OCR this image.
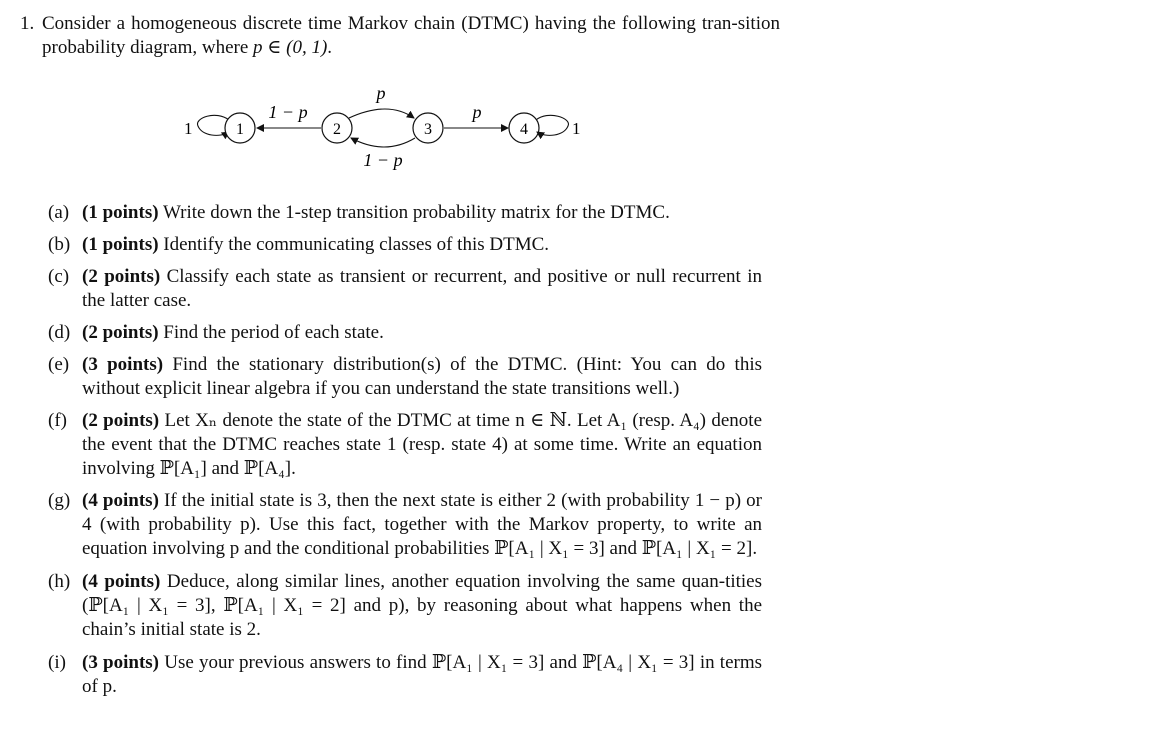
1. Consider a homogeneous discrete time Markov chain (DTMC) having the following tran-sition probability diagram, where p ∈ (0, 1).
1	1
1 − p
2
p
1 − p
3
p
4	1
(a) (1 points) Write down the 1-step transition probability matrix for the DTMC.
(b) (1 points) Identify the communicating classes of this DTMC.
(c) (2 points) Classify each state as transient or recurrent, and positive or null recurrent in the latter case.
(d) (2 points) Find the period of each state.
(e) (3 points) Find the stationary distribution(s) of the DTMC. (Hint: You can do this without explicit linear algebra if you can understand the state transitions well.)
(f) (2 points) Let Xₙ denote the state of the DTMC at time n ∈ ℕ. Let A₁ (resp. A₄) denote the event that the DTMC reaches state 1 (resp. state 4) at some time. Write an equation involving ℙ[A₁] and ℙ[A₄].
(g) (4 points) If the initial state is 3, then the next state is either 2 (with probability 1 − p) or 4 (with probability p). Use this fact, together with the Markov property, to write an equation involving p and the conditional probabilities ℙ[A₁ | X₁ = 3] and ℙ[A₁ | X₁ = 2].
(h) (4 points) Deduce, along similar lines, another equation involving the same quan-tities (ℙ[A₁ | X₁ = 3], ℙ[A₁ | X₁ = 2] and p), by reasoning about what happens when the chain’s initial state is 2.
(i) (3 points) Use your previous answers to find ℙ[A₁ | X₁ = 3] and ℙ[A₄ | X₁ = 3] in terms of p.
